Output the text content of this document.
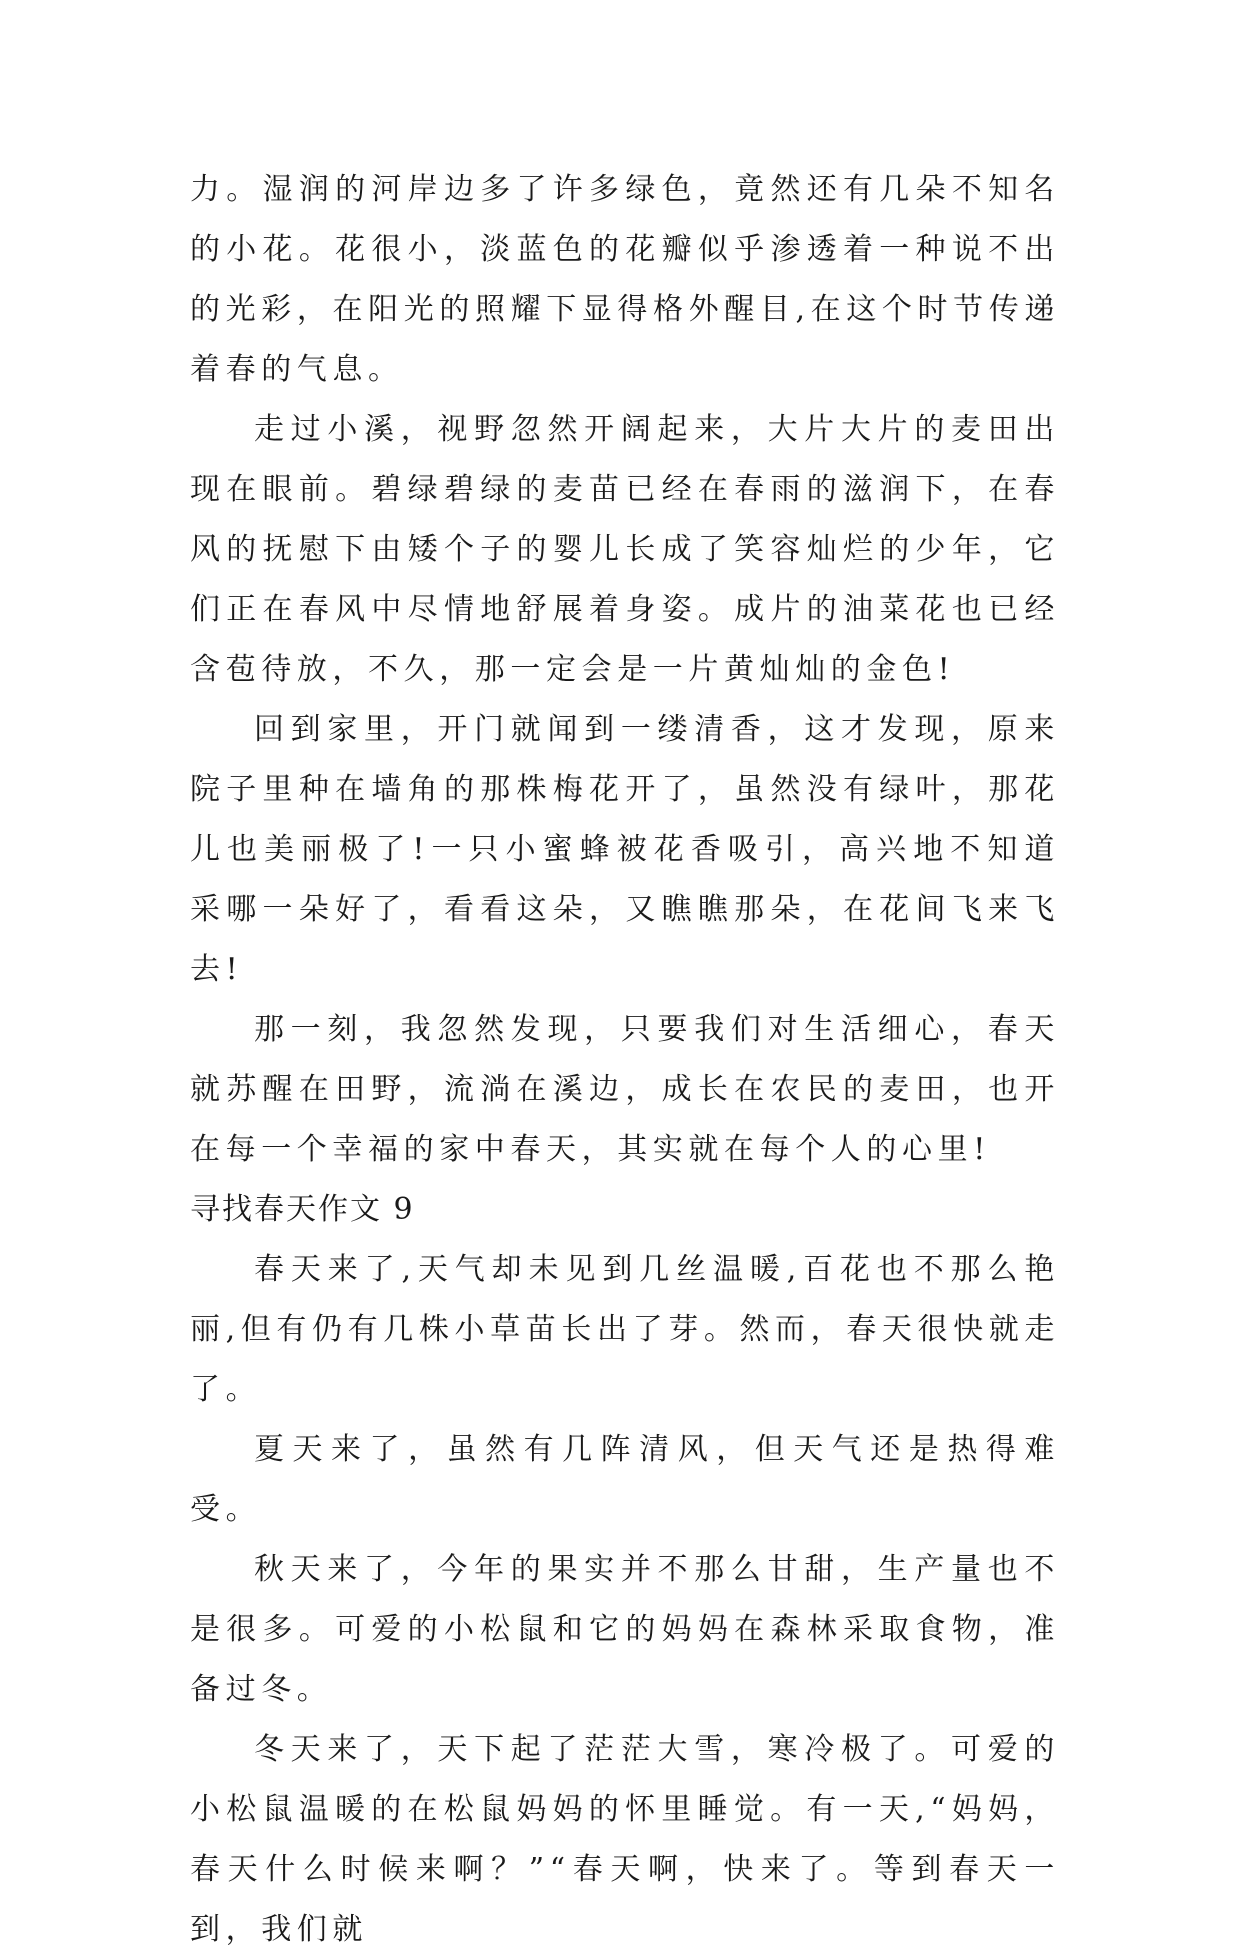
力。湿润的河岸边多了许多绿色，竟然还有几朵不知名的小花。花很小，淡蓝色的花瓣似乎渗透着一种说不出的光彩，在阳光的照耀下显得格外醒目,在这个时节传递着春的气息。

走过小溪，视野忽然开阔起来，大片大片的麦田出现在眼前。碧绿碧绿的麦苗已经在春雨的滋润下，在春风的抚慰下由矮个子的婴儿长成了笑容灿烂的少年，它们正在春风中尽情地舒展着身姿。成片的油菜花也已经含苞待放，不久，那一定会是一片黄灿灿的金色!

回到家里，开门就闻到一缕清香，这才发现，原来院子里种在墙角的那株梅花开了，虽然没有绿叶，那花儿也美丽极了!一只小蜜蜂被花香吸引，高兴地不知道采哪一朵好了，看看这朵，又瞧瞧那朵，在花间飞来飞去!

那一刻，我忽然发现，只要我们对生活细心，春天就苏醒在田野，流淌在溪边，成长在农民的麦田，也开在每一个幸福的家中春天，其实就在每个人的心里!

寻找春天作文 9

春天来了,天气却未见到几丝温暖,百花也不那么艳丽,但有仍有几株小草苗长出了芽。然而，春天很快就走了。

夏天来了，虽然有几阵清风，但天气还是热得难受。

秋天来了，今年的果实并不那么甘甜，生产量也不是很多。可爱的小松鼠和它的妈妈在森林采取食物，准备过冬。

冬天来了，天下起了茫茫大雪，寒冷极了。可爱的小松鼠温暖的在松鼠妈妈的怀里睡觉。有一天,“妈妈，春天什么时候来啊？”“春天啊，快来了。等到春天一到，我们就
